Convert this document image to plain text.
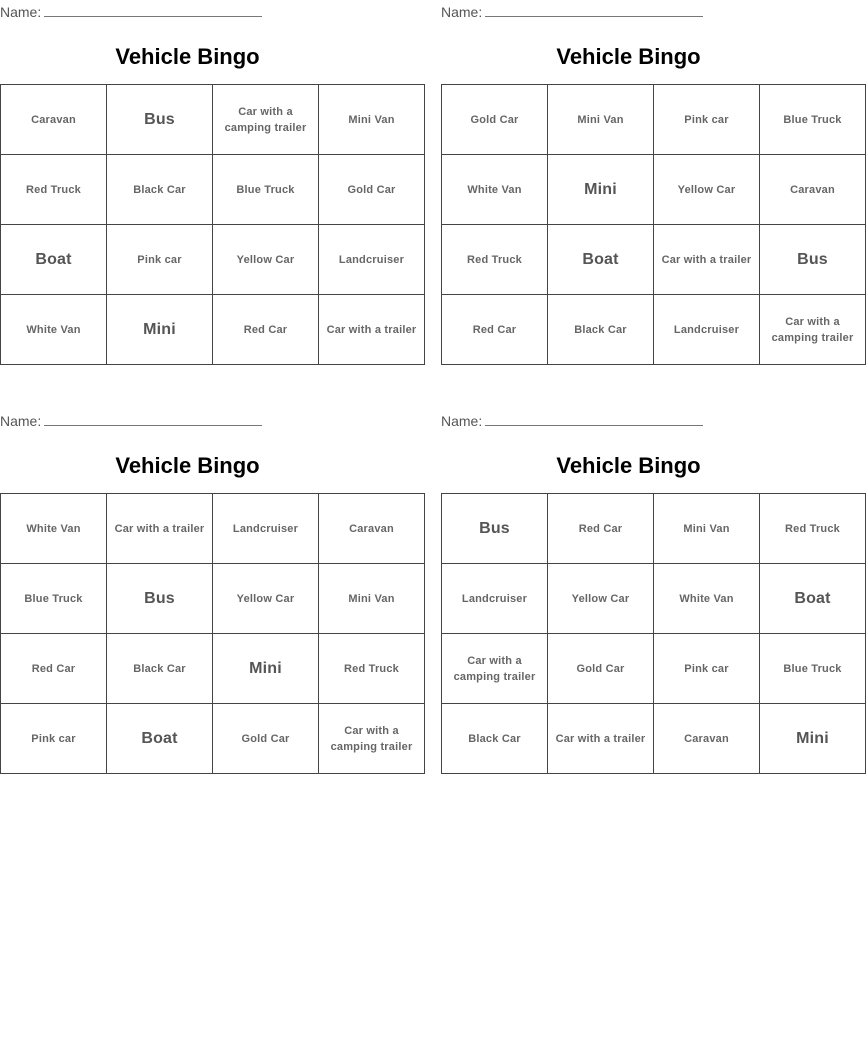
Name:
Vehicle Bingo
Caravan	Bus	Car with a camping trailer	Mini Van
Red Truck	Black Car	Blue Truck	Gold Car
Boat	Pink car	Yellow Car	Landcruiser
White Van	Mini	Red Car	Car with a trailer
Name:
Vehicle Bingo
Gold Car	Mini Van	Pink car	Blue Truck
White Van	Mini	Yellow Car	Caravan
Red Truck	Boat	Car with a trailer	Bus
Red Car	Black Car	Landcruiser	Car with a camping trailer
Name:
Vehicle Bingo
White Van	Car with a trailer	Landcruiser	Caravan
Blue Truck	Bus	Yellow Car	Mini Van
Red Car	Black Car	Mini	Red Truck
Pink car	Boat	Gold Car	Car with a camping trailer
Name:
Vehicle Bingo
Bus	Red Car	Mini Van	Red Truck
Landcruiser	Yellow Car	White Van	Boat
Car with a camping trailer	Gold Car	Pink car	Blue Truck
Black Car	Car with a trailer	Caravan	Mini
